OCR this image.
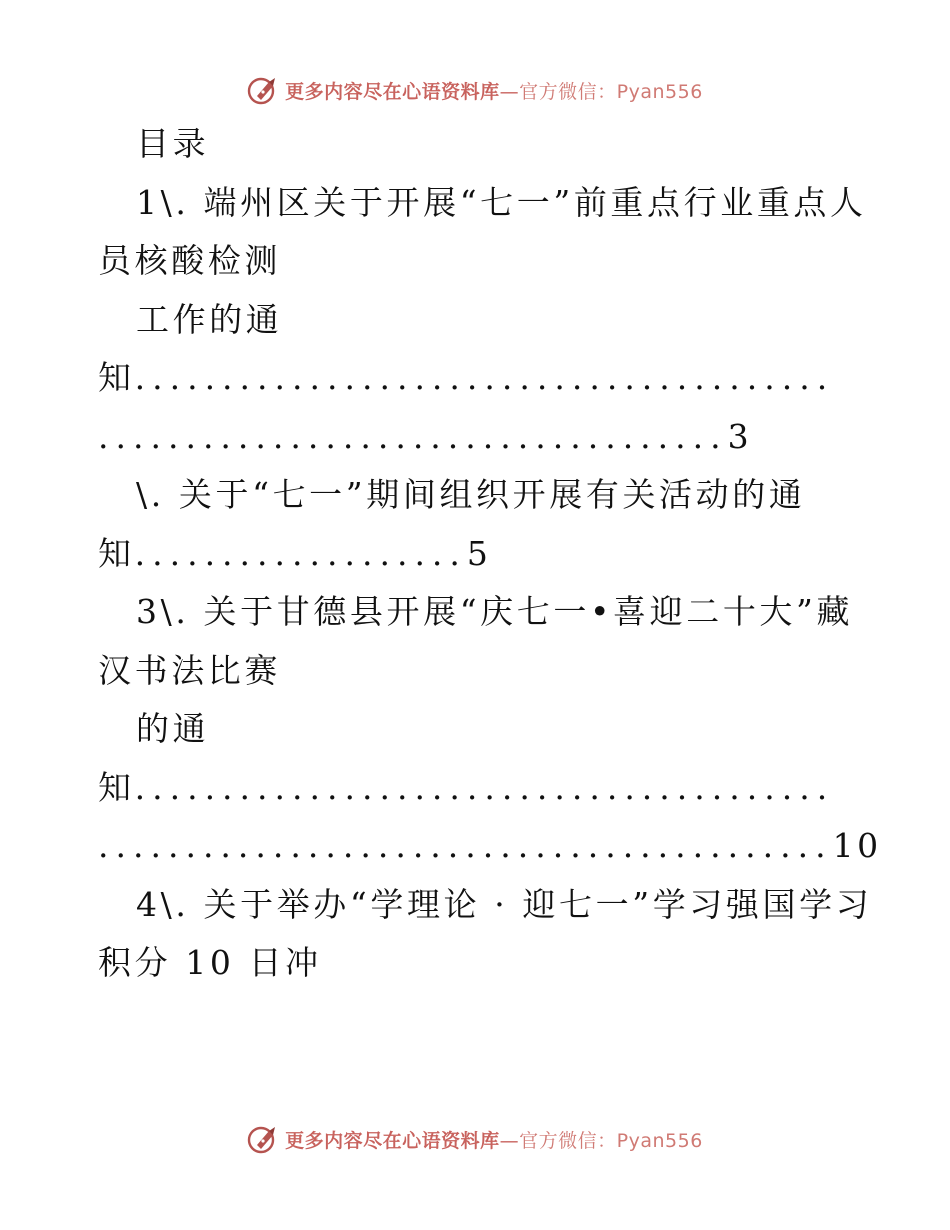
更多内容尽在心语资料库—官方微信：Pyan556
目录
1\. 端州区关于开展“七一”前重点行业重点人
员核酸检测
工作的通
知........................................
....................................3
\. 关于“七一”期间组织开展有关活动的通
知...................5
3\. 关于甘德县开展“庆七一•喜迎二十大”藏
汉书法比赛
的通
知........................................
..........................................10
4\. 关于举办“学理论 · 迎七一”学习强国学习
积分 10 日冲
更多内容尽在心语资料库—官方微信：Pyan556
